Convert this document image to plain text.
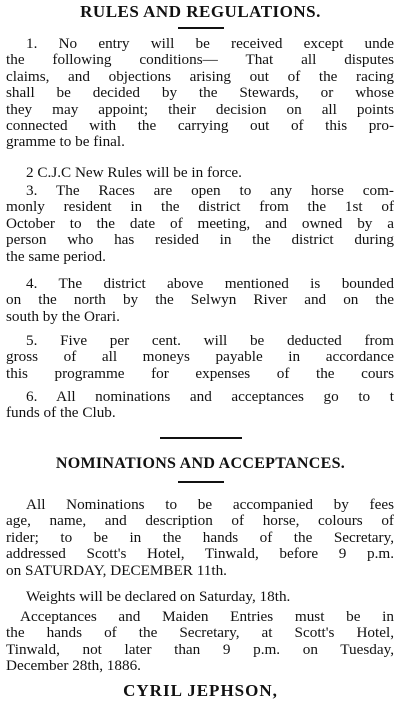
RULES AND REGULATIONS.
1. No entry will be received except unde
the following conditions— That all disputes
claims, and objections arising out of the racing
shall be decided by the Stewards, or whose
they may appoint; their decision on all points
connected with the carrying out of this pro-
gramme to be final.
2 C.J.C New Rules will be in force.
3. The Races are open to any horse com-
monly resident in the district from the 1st of
October to the date of meeting, and owned by a
person who has resided in the district during
the same period.
4. The district above mentioned is bounded
on the north by the Selwyn River and on the
south by the Orari.
5. Five per cent. will be deducted from
gross of all moneys payable in accordance
this programme for expenses of the cours
6. All nominations and acceptances go to t
funds of the Club.
NOMINATIONS AND ACCEPTANCES.
All Nominations to be accompanied by fees
age, name, and description of horse, colours of
rider; to be in the hands of the Secretary,
addressed Scott's Hotel, Tinwald, before 9 p.m.
on SATURDAY, DECEMBER 11th.
Weights will be declared on Saturday, 18th.
Acceptances and Maiden Entries must be in
the hands of the Secretary, at Scott's Hotel,
Tinwald, not later than 9 p.m. on Tuesday,
December 28th, 1886.
CYRIL JEPHSON,
